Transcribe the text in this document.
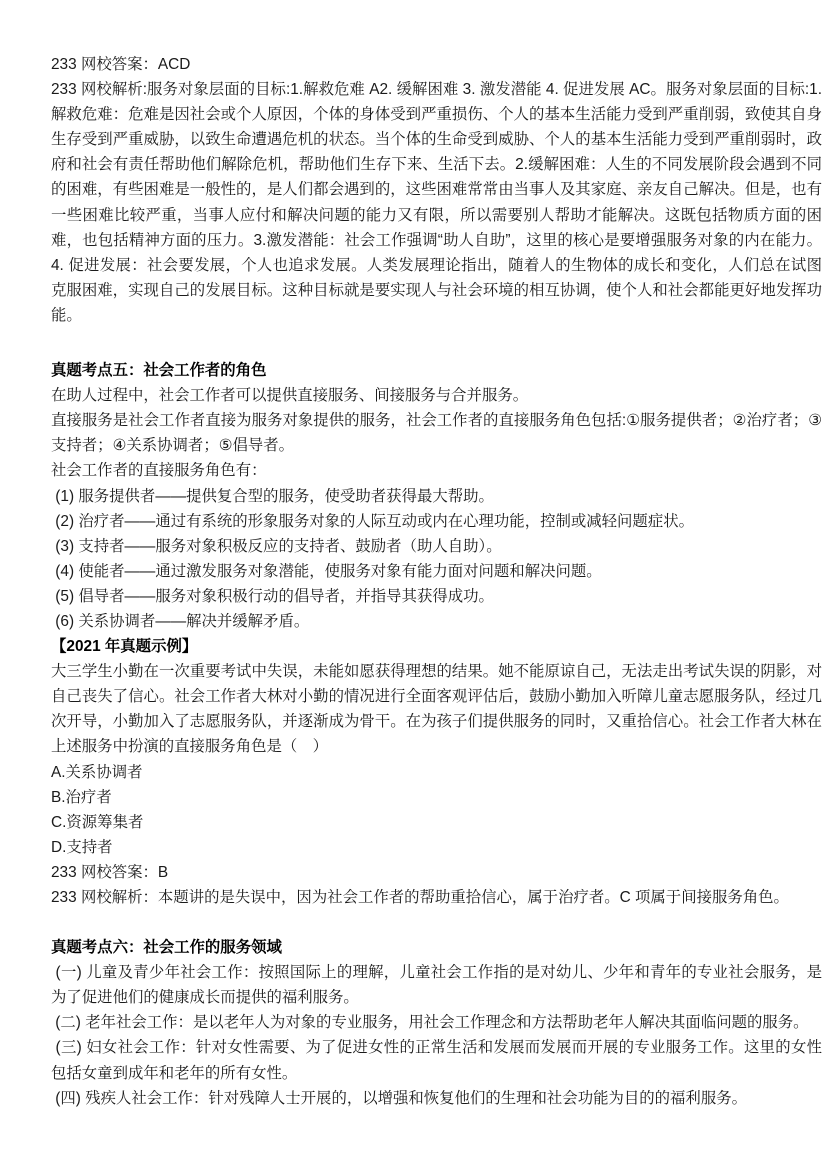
233 网校答案：ACD

233 网校解析:服务对象层面的目标:1.解救危难 A2. 缓解困难 3. 激发潜能 4. 促进发展 AC。服务对象层面的目标:1.解救危难：危难是因社会或个人原因，个体的身体受到严重损伤、个人的基本生活能力受到严重削弱，致使其自身生存受到严重威胁，以致生命遭遇危机的状态。当个体的生命受到威胁、个人的基本生活能力受到严重削弱时，政府和社会有责任帮助他们解除危机，帮助他们生存下来、生活下去。2.缓解困难：人生的不同发展阶段会遇到不同的困难，有些困难是一般性的，是人们都会遇到的，这些困难常常由当事人及其家庭、亲友自己解决。但是，也有一些困难比较严重，当事人应付和解决问题的能力又有限，所以需要别人帮助才能解决。这既包括物质方面的困难，也包括精神方面的压力。3.激发潜能：社会工作强调“助人自助”，这里的核心是要增强服务对象的内在能力。4. 促进发展：社会要发展，个人也追求发展。人类发展理论指出，随着人的生物体的成长和变化，人们总在试图克服困难，实现自己的发展目标。这种目标就是要实现人与社会环境的相互协调，使个人和社会都能更好地发挥功能。

真题考点五：社会工作者的角色

在助人过程中，社会工作者可以提供直接服务、间接服务与合并服务。

直接服务是社会工作者直接为服务对象提供的服务，社会工作者的直接服务角色包括:①服务提供者；②治疗者；③支持者；④关系协调者；⑤倡导者。

社会工作者的直接服务角色有：

(1) 服务提供者——提供复合型的服务，使受助者获得最大帮助。

(2) 治疗者——通过有系统的形象服务对象的人际互动或内在心理功能，控制或减轻问题症状。

(3) 支持者——服务对象积极反应的支持者、鼓励者（助人自助）。

(4) 使能者——通过激发服务对象潜能，使服务对象有能力面对问题和解决问题。

(5) 倡导者——服务对象积极行动的倡导者，并指导其获得成功。

(6) 关系协调者——解决并缓解矛盾。

【2021 年真题示例】

大三学生小勤在一次重要考试中失误，未能如愿获得理想的结果。她不能原谅自己，无法走出考试失误的阴影，对自己丧失了信心。社会工作者大林对小勤的情况进行全面客观评估后，鼓励小勤加入听障儿童志愿服务队，经过几次开导，小勤加入了志愿服务队，并逐渐成为骨干。在为孩子们提供服务的同时，又重拾信心。社会工作者大林在上述服务中扮演的直接服务角色是（　）

A.关系协调者

B.治疗者

C.资源筹集者

D.支持者

233 网校答案：B

233 网校解析：本题讲的是失误中，因为社会工作者的帮助重拾信心，属于治疗者。C 项属于间接服务角色。

真题考点六：社会工作的服务领域

(一) 儿童及青少年社会工作：按照国际上的理解，儿童社会工作指的是对幼儿、少年和青年的专业社会服务，是为了促进他们的健康成长而提供的福利服务。

(二) 老年社会工作：是以老年人为对象的专业服务，用社会工作理念和方法帮助老年人解决其面临问题的服务。

(三) 妇女社会工作：针对女性需要、为了促进女性的正常生活和发展而发展而开展的专业服务工作。这里的女性包括女童到成年和老年的所有女性。

(四) 残疾人社会工作：针对残障人士开展的，以增强和恢复他们的生理和社会功能为目的的福利服务。
